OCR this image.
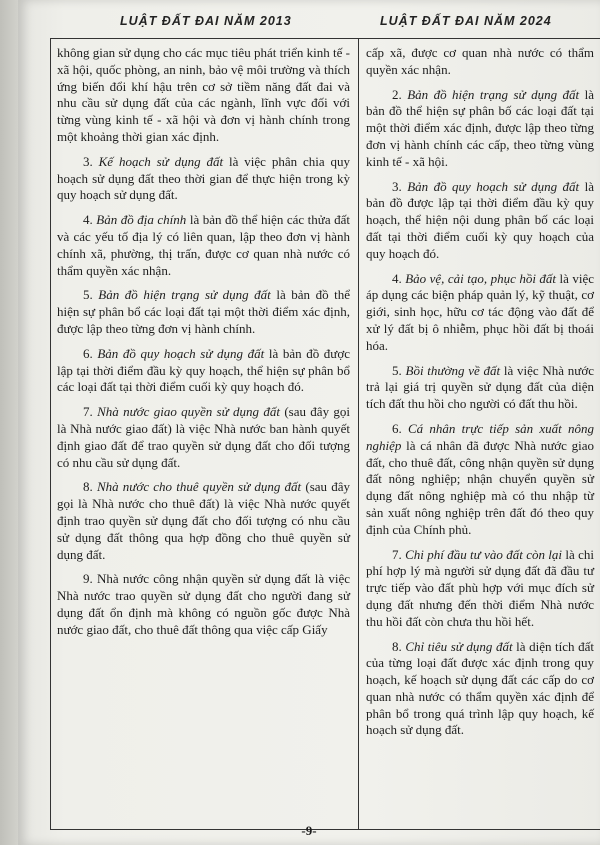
LUẬT ĐẤT ĐAI NĂM 2013	LUẬT ĐẤT ĐAI NĂM 2024

không gian sử dụng cho các mục tiêu phát triển kinh tế - xã hội, quốc phòng, an ninh, bảo vệ môi trường và thích ứng biến đổi khí hậu trên cơ sở tiềm năng đất đai và nhu cầu sử dụng đất của các ngành, lĩnh vực đối với từng vùng kinh tế - xã hội và đơn vị hành chính trong một khoảng thời gian xác định.

3. Kế hoạch sử dụng đất là việc phân chia quy hoạch sử dụng đất theo thời gian để thực hiện trong kỳ quy hoạch sử dụng đất.

4. Bản đồ địa chính là bản đồ thể hiện các thửa đất và các yếu tố địa lý có liên quan, lập theo đơn vị hành chính xã, phường, thị trấn, được cơ quan nhà nước có thẩm quyền xác nhận.

5. Bản đồ hiện trạng sử dụng đất là bản đồ thể hiện sự phân bổ các loại đất tại một thời điểm xác định, được lập theo từng đơn vị hành chính.

6. Bản đồ quy hoạch sử dụng đất là bản đồ được lập tại thời điểm đầu kỳ quy hoạch, thể hiện sự phân bổ các loại đất tại thời điểm cuối kỳ quy hoạch đó.

7. Nhà nước giao quyền sử dụng đất (sau đây gọi là Nhà nước giao đất) là việc Nhà nước ban hành quyết định giao đất để trao quyền sử dụng đất cho đối tượng có nhu cầu sử dụng đất.

8. Nhà nước cho thuê quyền sử dụng đất (sau đây gọi là Nhà nước cho thuê đất) là việc Nhà nước quyết định trao quyền sử dụng đất cho đối tượng có nhu cầu sử dụng đất thông qua hợp đồng cho thuê quyền sử dụng đất.

9. Nhà nước công nhận quyền sử dụng đất là việc Nhà nước trao quyền sử dụng đất cho người đang sử dụng đất ổn định mà không có nguồn gốc được Nhà nước giao đất, cho thuê đất thông qua việc cấp Giấy

cấp xã, được cơ quan nhà nước có thẩm quyền xác nhận.

2. Bản đồ hiện trạng sử dụng đất là bản đồ thể hiện sự phân bố các loại đất tại một thời điểm xác định, được lập theo từng đơn vị hành chính các cấp, theo từng vùng kinh tế - xã hội.

3. Bản đồ quy hoạch sử dụng đất là bản đồ được lập tại thời điểm đầu kỳ quy hoạch, thể hiện nội dung phân bố các loại đất tại thời điểm cuối kỳ quy hoạch của quy hoạch đó.

4. Bảo vệ, cải tạo, phục hồi đất là việc áp dụng các biện pháp quản lý, kỹ thuật, cơ giới, sinh học, hữu cơ tác động vào đất để xử lý đất bị ô nhiễm, phục hồi đất bị thoái hóa.

5. Bồi thường về đất là việc Nhà nước trả lại giá trị quyền sử dụng đất của diện tích đất thu hồi cho người có đất thu hồi.

6. Cá nhân trực tiếp sản xuất nông nghiệp là cá nhân đã được Nhà nước giao đất, cho thuê đất, công nhận quyền sử dụng đất nông nghiệp; nhận chuyển quyền sử dụng đất nông nghiệp mà có thu nhập từ sản xuất nông nghiệp trên đất đó theo quy định của Chính phủ.

7. Chi phí đầu tư vào đất còn lại là chi phí hợp lý mà người sử dụng đất đã đầu tư trực tiếp vào đất phù hợp với mục đích sử dụng đất nhưng đến thời điểm Nhà nước thu hồi đất còn chưa thu hồi hết.

8. Chỉ tiêu sử dụng đất là diện tích đất của từng loại đất được xác định trong quy hoạch, kế hoạch sử dụng đất các cấp do cơ quan nhà nước có thẩm quyền xác định để phân bổ trong quá trình lập quy hoạch, kế hoạch sử dụng đất.

-9-
